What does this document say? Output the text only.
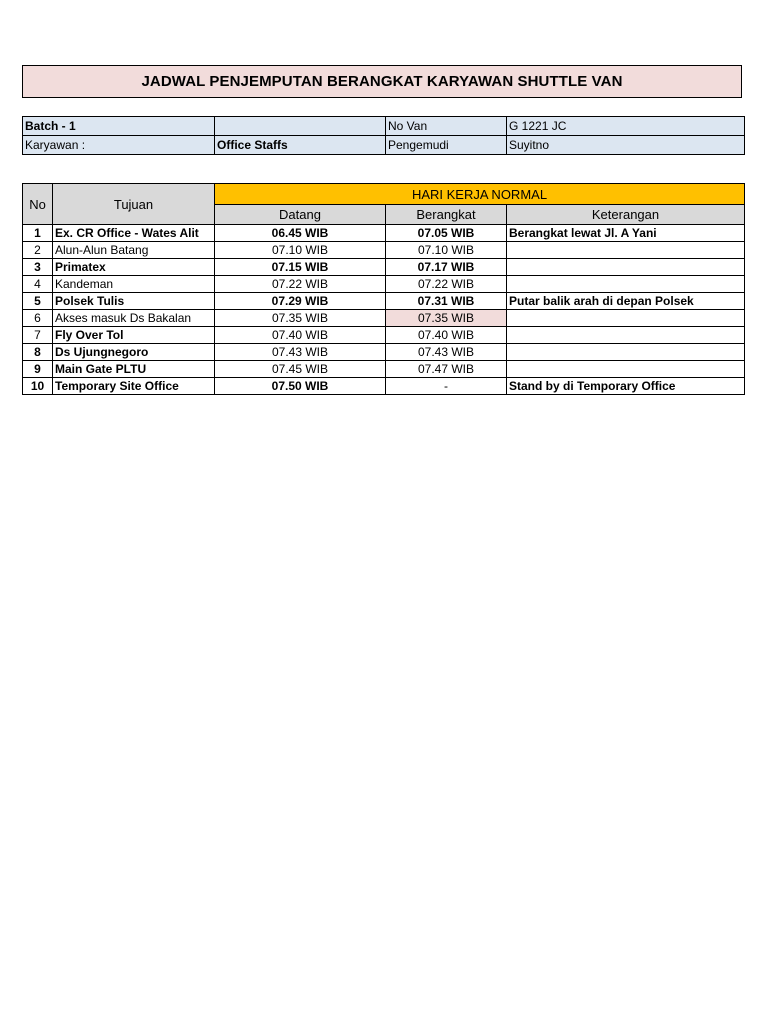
JADWAL PENJEMPUTAN BERANGKAT KARYAWAN SHUTTLE VAN
Batch - 1		No Van	G 1221 JC
Karyawan :	Office Staffs	Pengemudi	Suyitno
No	Tujuan	HARI KERJA NORMAL		
		Datang	Berangkat	Keterangan
1	Ex. CR Office - Wates Alit	06.45 WIB	07.05 WIB	Berangkat lewat Jl. A Yani
2	Alun-Alun Batang	07.10 WIB	07.10 WIB	
3	Primatex	07.15 WIB	07.17 WIB	
4	Kandeman	07.22 WIB	07.22 WIB	
5	Polsek Tulis	07.29 WIB	07.31 WIB	Putar balik arah di depan Polsek
6	Akses masuk Ds Bakalan	07.35 WIB	07.35 WIB	
7	Fly Over Tol	07.40 WIB	07.40 WIB	
8	Ds Ujungnegoro	07.43 WIB	07.43 WIB	
9	Main Gate PLTU	07.45 WIB	07.47 WIB	
10	Temporary Site Office	07.50 WIB	-	Stand by di Temporary Office
